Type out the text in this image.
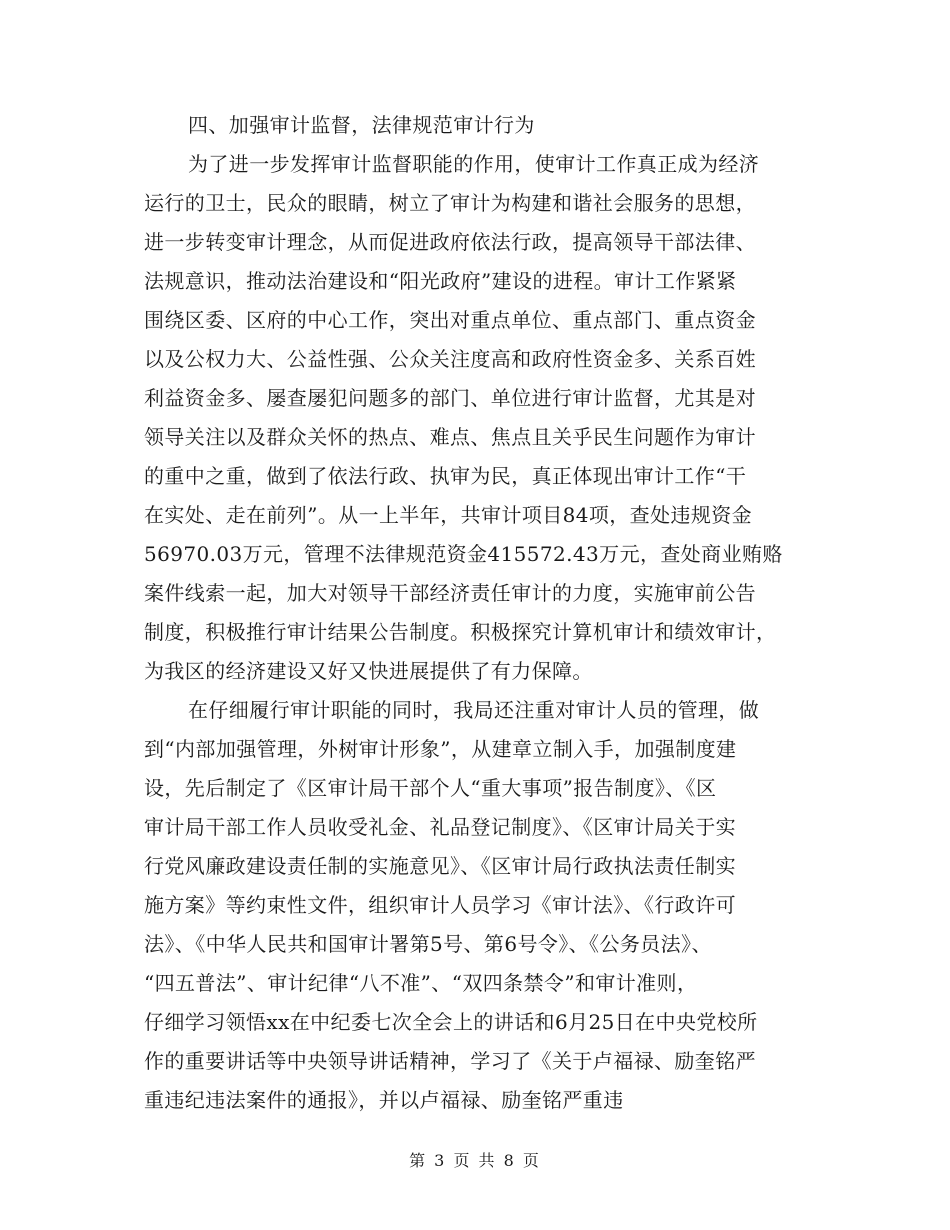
四、加强审计监督，法律规范审计行为
为了进一步发挥审计监督职能的作用，使审计工作真正成为经济
运行的卫士，民众的眼睛，树立了审计为构建和谐社会服务的思想，
进一步转变审计理念，从而促进政府依法行政，提高领导干部法律、
法规意识，推动法治建设和“阳光政府”建设的进程。审计工作紧紧
围绕区委、区府的中心工作，突出对重点单位、重点部门、重点资金
以及公权力大、公益性强、公众关注度高和政府性资金多、关系百姓
利益资金多、屡查屡犯问题多的部门、单位进行审计监督，尤其是对
领导关注以及群众关怀的热点、难点、焦点且关乎民生问题作为审计
的重中之重，做到了依法行政、执审为民，真正体现出审计工作“干
在实处、走在前列”。从一上半年，共审计项目84项，查处违规资金
56970.03万元，管理不法律规范资金415572.43万元，查处商业贿赂
案件线索一起，加大对领导干部经济责任审计的力度，实施审前公告
制度，积极推行审计结果公告制度。积极探究计算机审计和绩效审计，
为我区的经济建设又好又快进展提供了有力保障。
在仔细履行审计职能的同时，我局还注重对审计人员的管理，做
到“内部加强管理，外树审计形象”，从建章立制入手，加强制度建
设，先后制定了《区审计局干部个人“重大事项”报告制度》、《区
审计局干部工作人员收受礼金、礼品登记制度》、《区审计局关于实
行党风廉政建设责任制的实施意见》、《区审计局行政执法责任制实
施方案》等约束性文件，组织审计人员学习《审计法》、《行政许可
法》、《中华人民共和国审计署第5号、第6号令》、《公务员法》、
“四五普法”、审计纪律“八不准”、“双四条禁令”和审计准则，
仔细学习领悟xx在中纪委七次全会上的讲话和6月25日在中央党校所
作的重要讲话等中央领导讲话精神，学习了《关于卢福禄、励奎铭严
重违纪违法案件的通报》，并以卢福禄、励奎铭严重违
第 3 页 共 8 页
